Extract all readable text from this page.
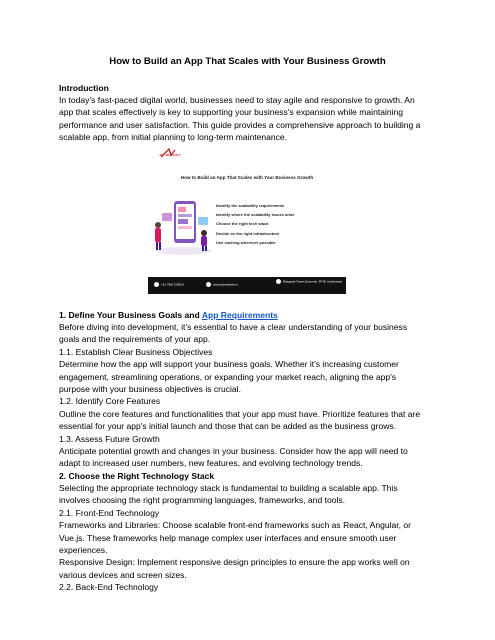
How to Build an App That Scales with Your Business Growth
Introduction
In today’s fast-paced digital world, businesses need to stay agile and responsive to growth. An
app that scales effectively is key to supporting your business's expansion while maintaining
performance and user satisfaction. This guide provides a comprehensive approach to building a
scalable app, from initial planning to long-term maintenance.
JAY WEBSOFT
How to Build an App That Scales with Your Business Growth
Identify the scalability requirements
Identify where the scalability issues arise
Choose the right tech stack
Decide on the right infrastructure
Use caching wherever possible
+91 7861729810	www.skywebsite.in
Bhagwati Tower,Gannettu, RTIB, Hyderabad
1. Define Your Business Goals and App Requirements
Before diving into development, it’s essential to have a clear understanding of your business
goals and the requirements of your app.
1.1. Establish Clear Business Objectives
Determine how the app will support your business goals. Whether it's increasing customer
engagement, streamlining operations, or expanding your market reach, aligning the app's
purpose with your business objectives is crucial.
1.2. Identify Core Features
Outline the core features and functionalities that your app must have. Prioritize features that are
essential for your app's initial launch and those that can be added as the business grows.
1.3. Assess Future Growth
Anticipate potential growth and changes in your business. Consider how the app will need to
adapt to increased user numbers, new features, and evolving technology trends.
2. Choose the Right Technology Stack
Selecting the appropriate technology stack is fundamental to building a scalable app. This
involves choosing the right programming languages, frameworks, and tools.
2.1. Front-End Technology
Frameworks and Libraries: Choose scalable front-end frameworks such as React, Angular, or
Vue.js. These frameworks help manage complex user interfaces and ensure smooth user
experiences.
Responsive Design: Implement responsive design principles to ensure the app works well on
various devices and screen sizes.
2.2. Back-End Technology
